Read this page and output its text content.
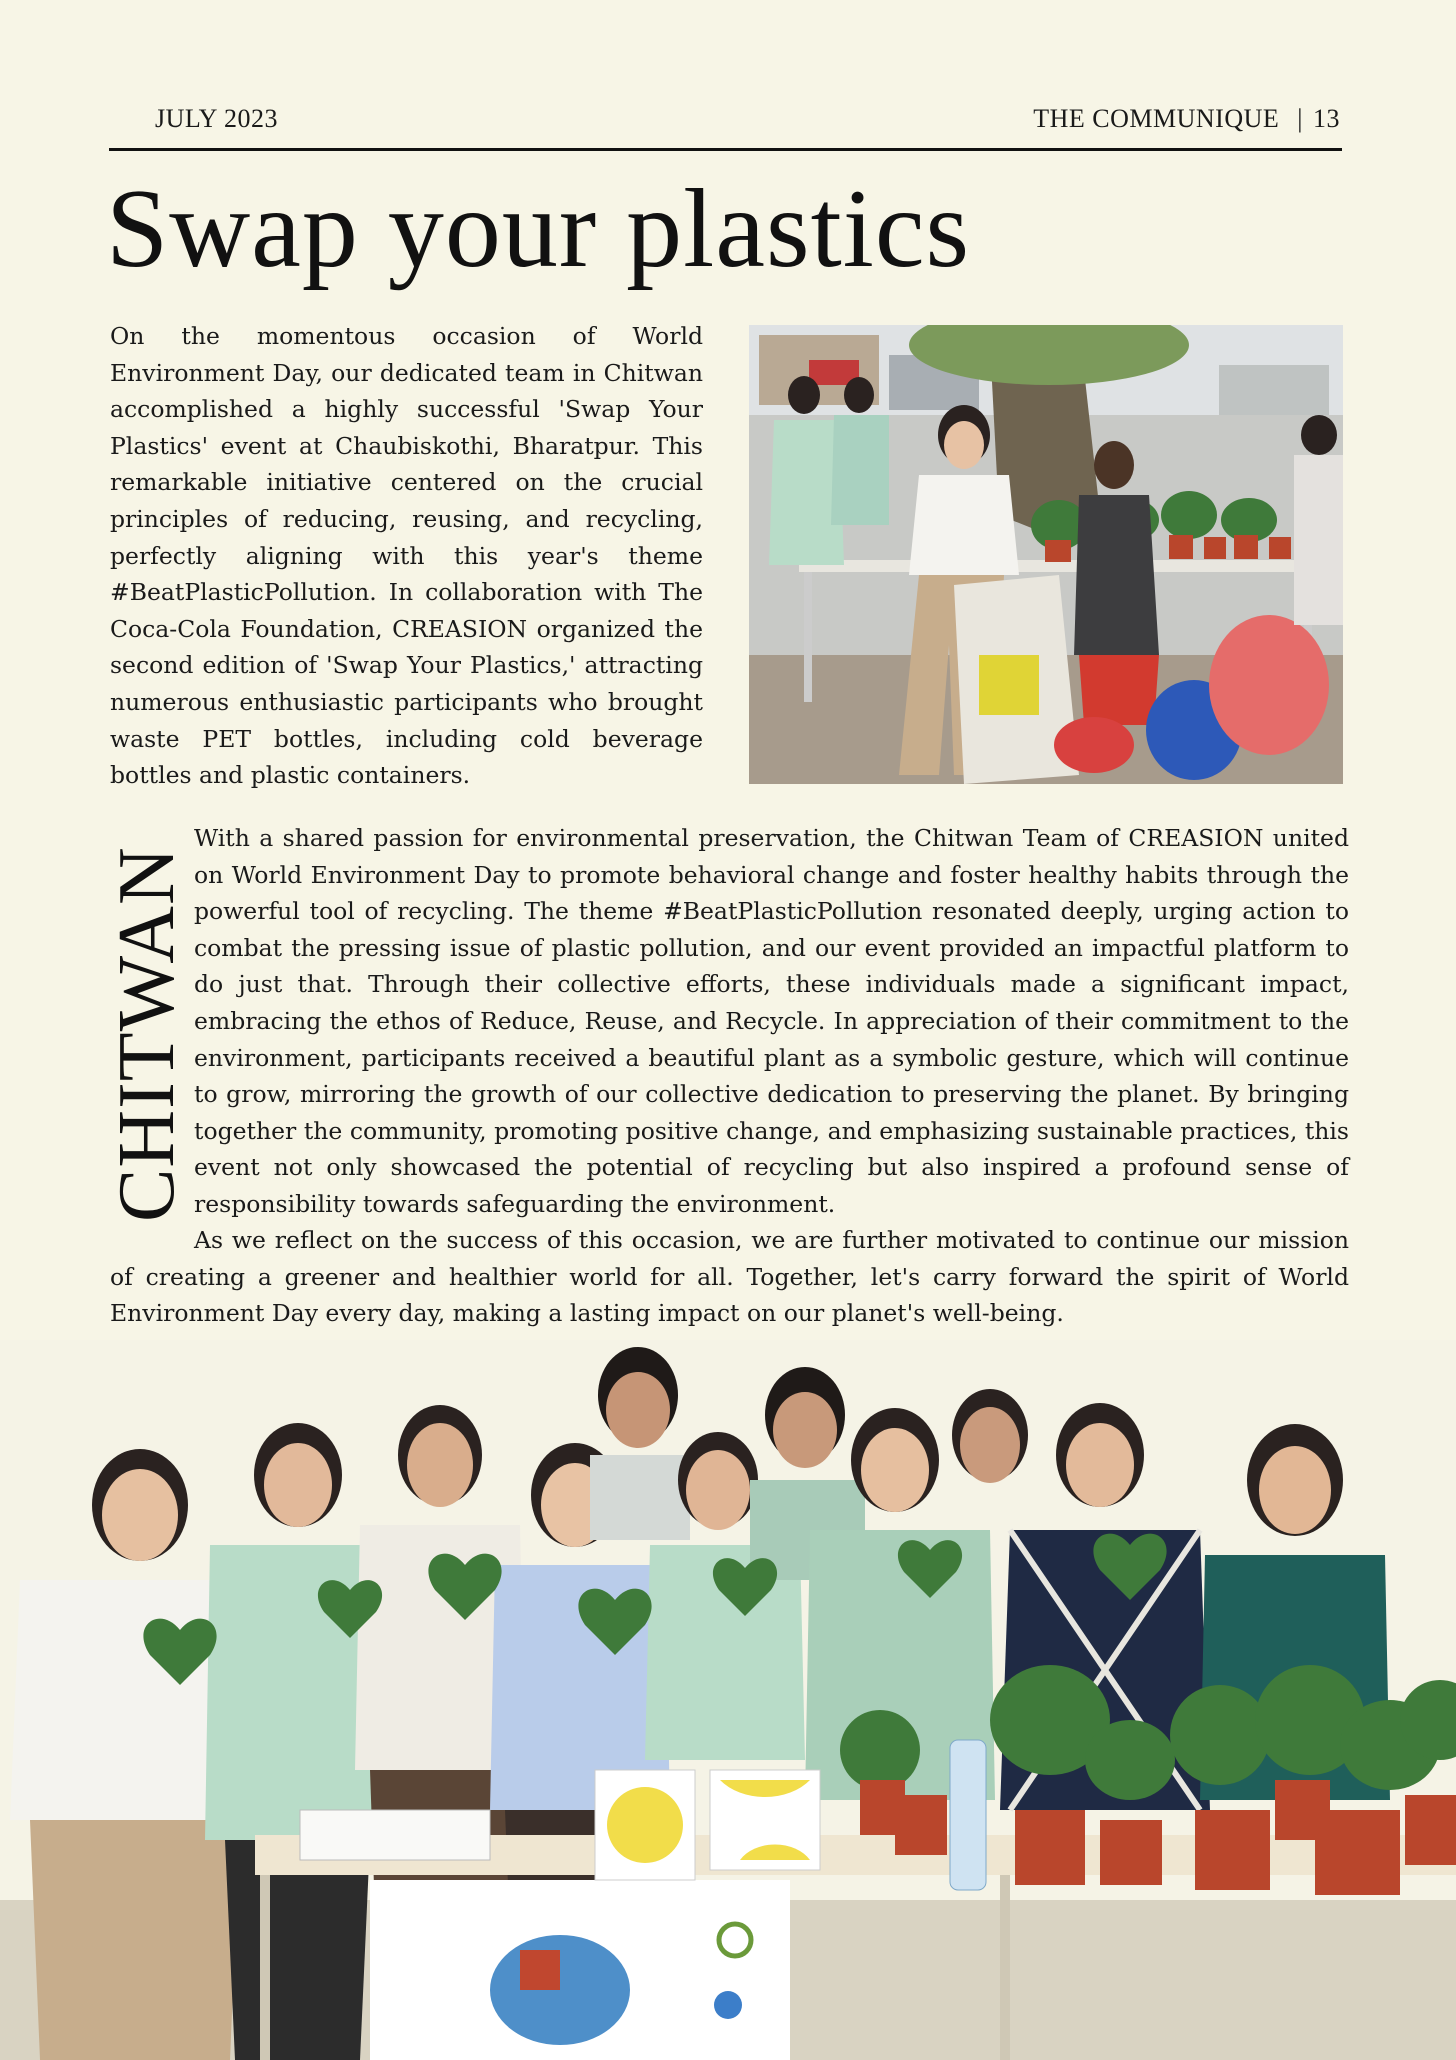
JULY 2023	THE COMMUNIQUE | 13
Swap your plastics

On the momentous occasion of World Environment Day, our dedicated team in Chitwan accomplished a highly successful 'Swap Your Plastics' event at Chaubiskothi, Bharatpur. This remarkable initiative centered on the crucial principles of reducing, reusing, and recycling, perfectly aligning with this year's theme #BeatPlasticPollution. In collaboration with The Coca-Cola Foundation, CREASION organized the second edition of 'Swap Your Plastics,' attracting numerous enthusiastic participants who brought waste PET bottles, including cold beverage bottles and plastic containers.

CHITWAN

With a shared passion for environmental preservation, the Chitwan Team of CREASION united on World Environment Day to promote behavioral change and foster healthy habits through the powerful tool of recycling. The theme #BeatPlasticPollution resonated deeply, urging action to combat the pressing issue of plastic pollution, and our event provided an impactful platform to do just that. Through their collective efforts, these individuals made a significant impact, embracing the ethos of Reduce, Reuse, and Recycle. In appreciation of their commitment to the environment, participants received a beautiful plant as a symbolic gesture, which will continue to grow, mirroring the growth of our collective dedication to preserving the planet. By bringing together the community, promoting positive change, and emphasizing sustainable practices, this event not only showcased the potential of recycling but also inspired a profound sense of responsibility towards safeguarding the environment.

As we reflect on the success of this occasion, we are further motivated to continue our mission of creating a greener and healthier world for all. Together, let's carry forward the spirit of World Environment Day every day, making a lasting impact on our planet's well-being.
